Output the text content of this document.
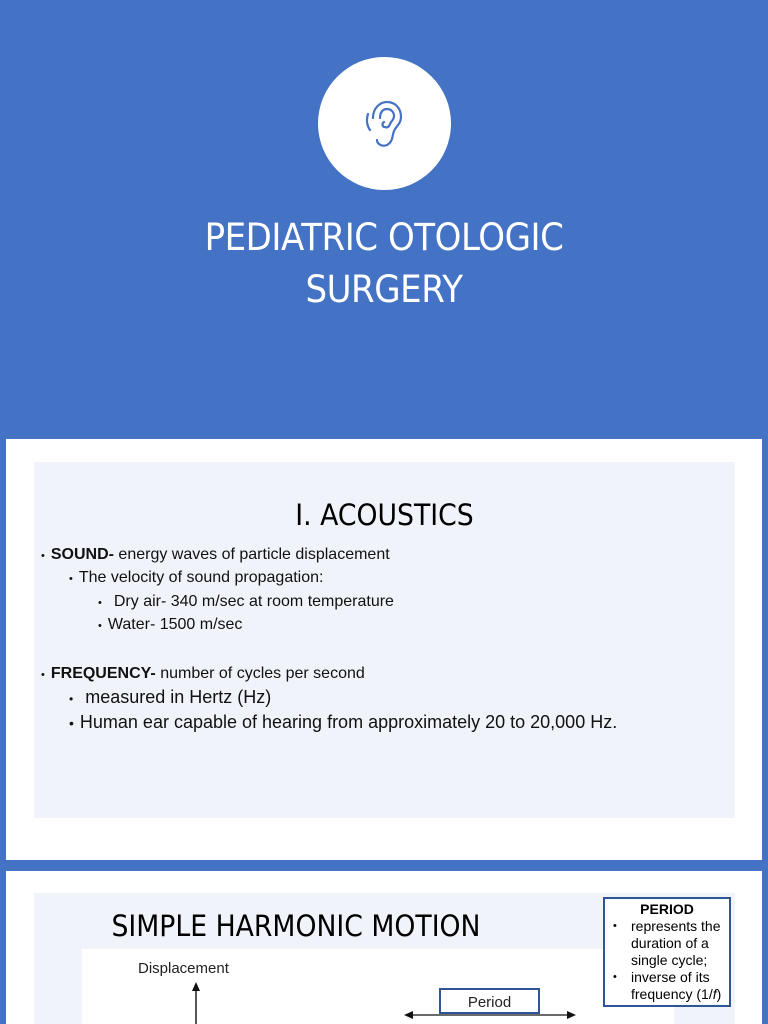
PEDIATRIC OTOLOGIC
SURGERY
I. ACOUSTICS
• SOUND- energy waves of particle displacement
• The velocity of sound propagation:
• Dry air- 340 m/sec at room temperature
• Water- 1500 m/sec
• FREQUENCY- number of cycles per second
• measured in Hertz (Hz)
• Human ear capable of hearing from approximately 20 to 20,000 Hz.
SIMPLE HARMONIC MOTION
Displacement
Period
PERIOD
• represents the duration of a single cycle;
• inverse of its frequency (1/f)
